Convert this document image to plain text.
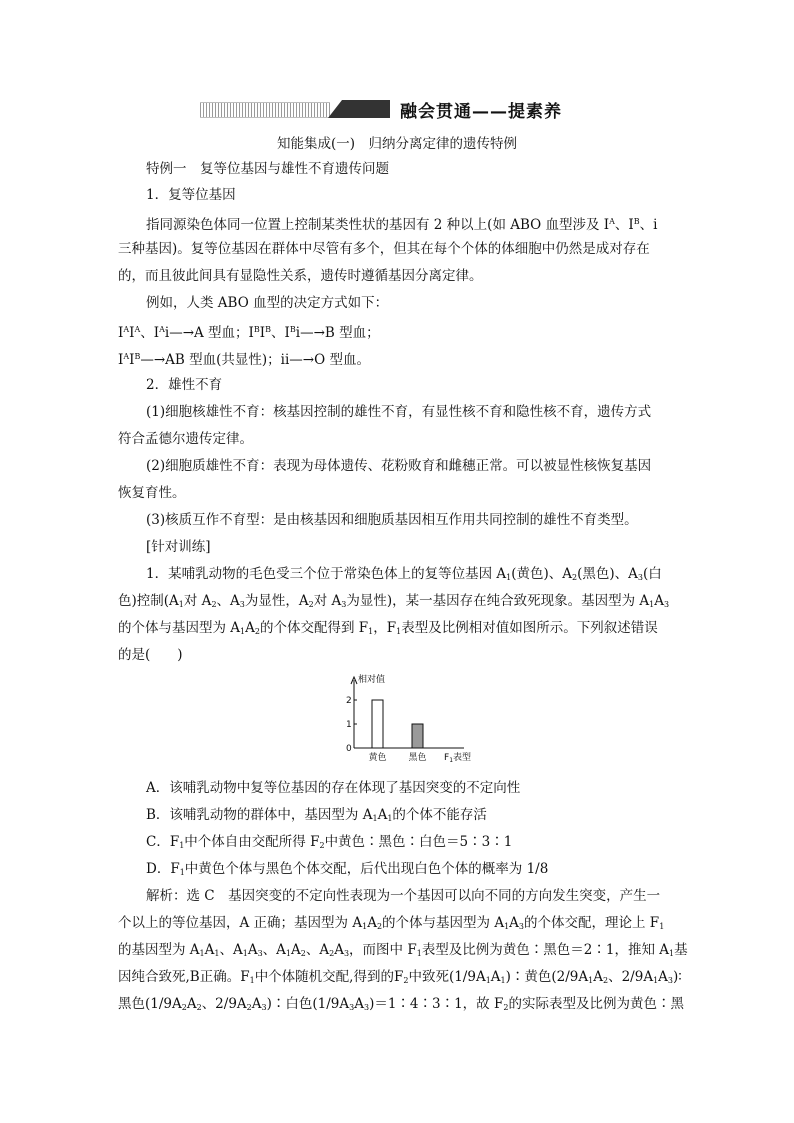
融会贯通——提素养
知能集成(一)　归纳分离定律的遗传特例
特例一　复等位基因与雄性不育遗传问题
1．复等位基因
指同源染色体同一位置上控制某类性状的基因有 2 种以上(如 ABO 血型涉及 $I^A$、$I^B$、i
三种基因)。复等位基因在群体中尽管有多个，但其在每个个体的体细胞中仍然是成对存在
的，而且彼此间具有显隐性关系，遗传时遵循基因分离定律。
例如，人类 ABO 血型的决定方式如下：
$I^AI^A$、$I^Ai—\to A$ 型血；$I^BI^B$、$I^Bi—\to B$ 型血；
$I^AI^B—\to AB$ 型血(共显性)；ii—→O 型血。
2．雄性不育
(1)细胞核雄性不育：核基因控制的雄性不育，有显性核不育和隐性核不育，遗传方式
符合孟德尔遗传定律。
(2)细胞质雄性不育：表现为母体遗传、花粉败育和雌穗正常。可以被显性核恢复基因
恢复育性。
(3)核质互作不育型：是由核基因和细胞质基因相互作用共同控制的雄性不育类型。
[针对训练]
1．某哺乳动物的毛色受三个位于常染色体上的复等位基因 $A_1$(黄色)、$A_2$(黑色)、$A_3$(白
色)控制($A_1$对 $A_2$、$A_3$为显性，$A_2$对 $A_3$为显性)，某一基因存在纯合致死现象。基因型为 $A_1A_3$
的个体与基因型为 $A_1A_2$的个体交配得到 $F_1$，$F_1$表型及比例相对值如图所示。下列叙述错误
的是(　　)
相对值
0
1
2
黄色 黑色 $F_1$表型
A．该哺乳动物中复等位基因的存在体现了基因突变的不定向性
B．该哺乳动物的群体中，基因型为 $A_1A_1$的个体不能存活
C．$F_1$中个体自由交配所得 $F_2$中黄色∶黑色∶白色＝5∶3∶1
D．$F_1$中黄色个体与黑色个体交配，后代出现白色个体的概率为 1/8
解析：选 C　基因突变的不定向性表现为一个基因可以向不同的方向发生突变，产生一
个以上的等位基因，A 正确；基因型为 $A_1A_2$的个体与基因型为 $A_1A_3$的个体交配，理论上 $F_1$
的基因型为 $A_1A_1$、$A_1A_3$、$A_1A_2$、$A_2A_3$，而图中 $F_1$表型及比例为黄色∶黑色＝2∶1，推知 $A_1$基
因纯合致死,B正确。$F_1$中个体随机交配,得到的$F_2$中致死$(1/9A_1A_1)∶$黄色($2/9A_1A_2$、$2/9A_1A_3)∶$
黑色($1/9A_2A_2$、$2/9A_2A_3)∶$白色$(1/9A_3A_3)=1∶4∶3∶1$，故 $F_2$的实际表型及比例为黄色∶黑
